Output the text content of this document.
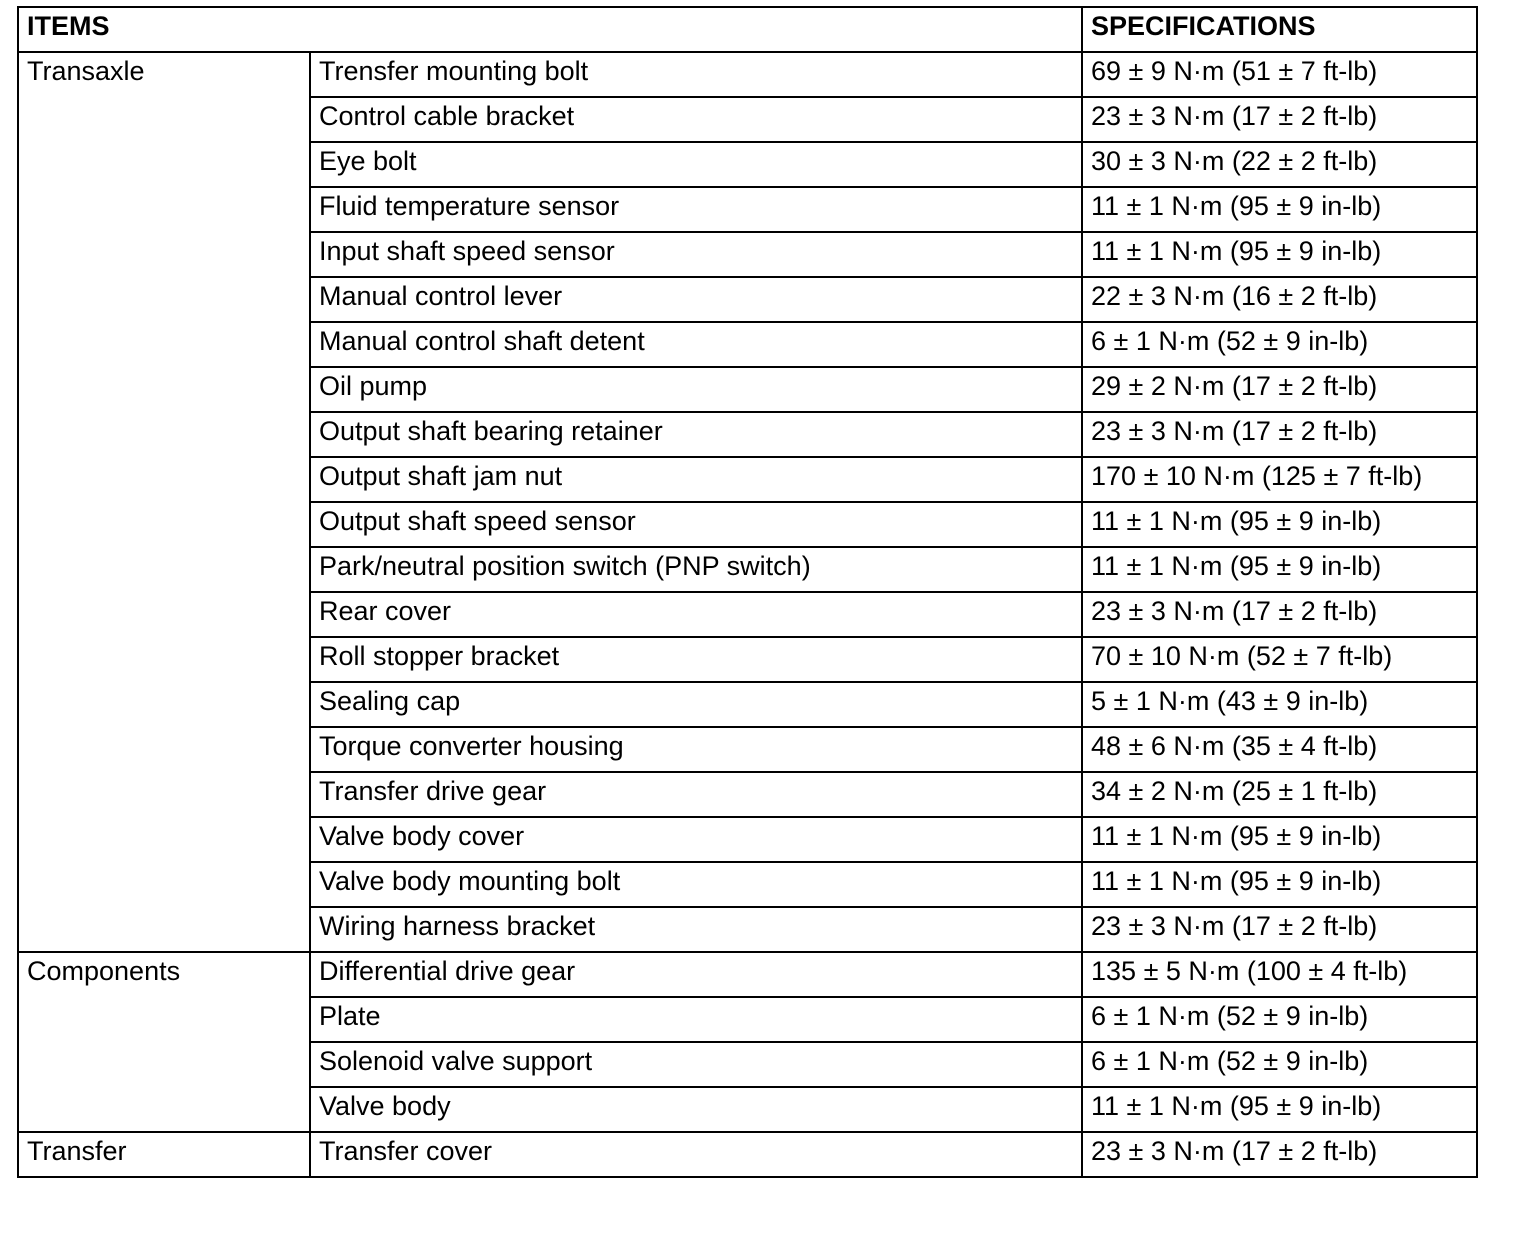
ITEMS		SPECIFICATIONS
Transaxle	Trensfer mounting bolt	69 ± 9 N·m (51 ± 7 ft-lb)
	Control cable bracket	23 ± 3 N·m (17 ± 2 ft-lb)
	Eye bolt	30 ± 3 N·m (22 ± 2 ft-lb)
	Fluid temperature sensor	11 ± 1 N·m (95 ± 9 in-lb)
	Input shaft speed sensor	11 ± 1 N·m (95 ± 9 in-lb)
	Manual control lever	22 ± 3 N·m (16 ± 2 ft-lb)
	Manual control shaft detent	6 ± 1 N·m (52 ± 9 in-lb)
	Oil pump	29 ± 2 N·m (17 ± 2 ft-lb)
	Output shaft bearing retainer	23 ± 3 N·m (17 ± 2 ft-lb)
	Output shaft jam nut	170 ± 10 N·m (125 ± 7 ft-lb)
	Output shaft speed sensor	11 ± 1 N·m (95 ± 9 in-lb)
	Park/neutral position switch (PNP switch)	11 ± 1 N·m (95 ± 9 in-lb)
	Rear cover	23 ± 3 N·m (17 ± 2 ft-lb)
	Roll stopper bracket	70 ± 10 N·m (52 ± 7 ft-lb)
	Sealing cap	5 ± 1 N·m (43 ± 9 in-lb)
	Torque converter housing	48 ± 6 N·m (35 ± 4 ft-lb)
	Transfer drive gear	34 ± 2 N·m (25 ± 1 ft-lb)
	Valve body cover	11 ± 1 N·m (95 ± 9 in-lb)
	Valve body mounting bolt	11 ± 1 N·m (95 ± 9 in-lb)
	Wiring harness bracket	23 ± 3 N·m (17 ± 2 ft-lb)
Components	Differential drive gear	135 ± 5 N·m (100 ± 4 ft-lb)
	Plate	6 ± 1 N·m (52 ± 9 in-lb)
	Solenoid valve support	6 ± 1 N·m (52 ± 9 in-lb)
	Valve body	11 ± 1 N·m (95 ± 9 in-lb)
Transfer	Transfer cover	23 ± 3 N·m (17 ± 2 ft-lb)
